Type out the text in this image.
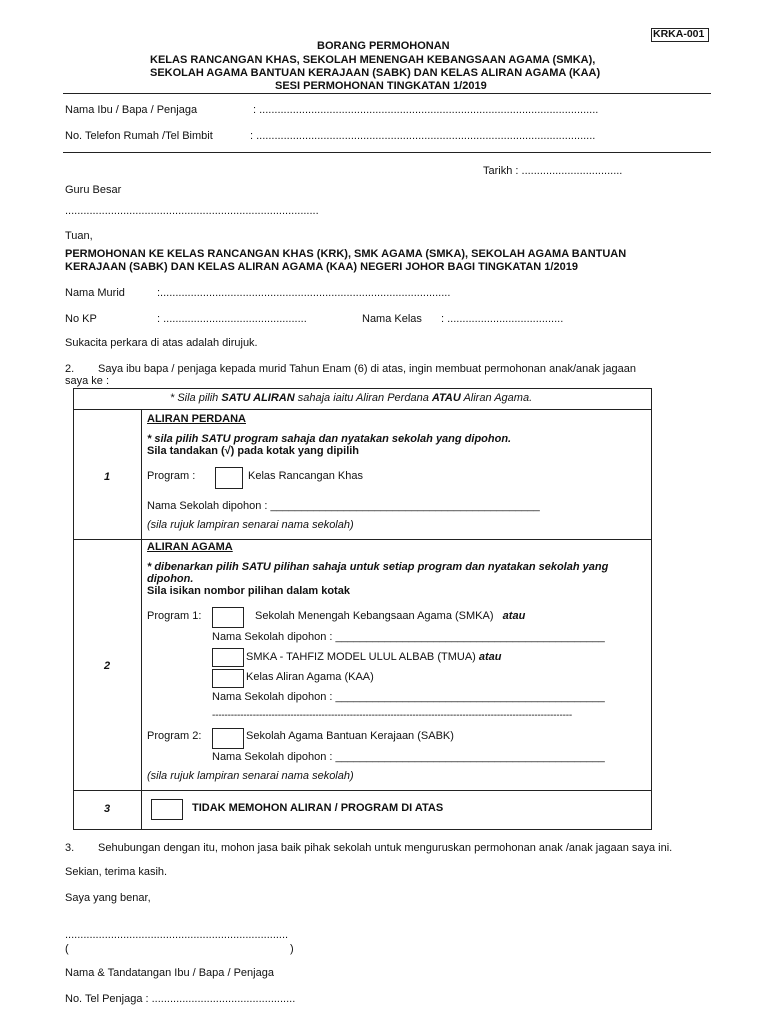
KRKA-001
BORANG PERMOHONAN
KELAS RANCANGAN KHAS, SEKOLAH MENENGAH KEBANGSAAN AGAMA (SMKA),
SEKOLAH AGAMA BANTUAN KERAJAAN (SABK) DAN KELAS ALIRAN AGAMA (KAA)
SESI PERMOHONAN TINGKATAN 1/2019
Nama Ibu / Bapa / Penjaga	: ...............................................................................................................
No. Telefon Rumah /Tel Bimbit	: ...............................................................................................................
Tarikh : .................................
Guru Besar
...................................................................................
Tuan,
PERMOHONAN KE KELAS RANCANGAN KHAS (KRK), SMK AGAMA (SMKA), SEKOLAH AGAMA BANTUAN
KERAJAAN (SABK) DAN KELAS ALIRAN AGAMA (KAA) NEGERI JOHOR BAGI TINGKATAN 1/2019
Nama Murid	:...............................................................................................
No KP	: ...............................................	Nama Kelas : ......................................
Sukacita perkara di atas adalah dirujuk.
2. Saya ibu bapa / penjaga kepada murid Tahun Enam (6) di atas, ingin membuat permohonan anak/anak jagaan
saya ke :
* Sila pilih SATU ALIRAN sahaja iaitu Aliran Perdana ATAU Aliran Agama.
1
ALIRAN PERDANA
* sila pilih SATU program sahaja dan nyatakan sekolah yang dipohon.
Sila tandakan (√) pada kotak yang dipilih
Program :	Kelas Rancangan Khas
Nama Sekolah dipohon : ____________________________________________
(sila rujuk lampiran senarai nama sekolah)
2
ALIRAN AGAMA
* dibenarkan pilih SATU pilihan sahaja untuk setiap program dan nyatakan sekolah yang
dipohon.
Sila isikan nombor pilihan dalam kotak
Program 1:	Sekolah Menengah Kebangsaan Agama (SMKA) atau
Nama Sekolah dipohon : ____________________________________________
SMKA - TAHFIZ MODEL ULUL ALBAB (TMUA) atau
Kelas Aliran Agama (KAA)
Nama Sekolah dipohon : ____________________________________________
-------------------------------------------------------------------------------------------------------------------
Program 2:	Sekolah Agama Bantuan Kerajaan (SABK)
Nama Sekolah dipohon : ____________________________________________
(sila rujuk lampiran senarai nama sekolah)
3	TIDAK MEMOHON ALIRAN / PROGRAM DI ATAS
3. Sehubungan dengan itu, mohon jasa baik pihak sekolah untuk menguruskan permohonan anak /anak jagaan saya ini.
Sekian, terima kasih.
Saya yang benar,
.........................................................................
(	)
Nama & Tandatangan Ibu / Bapa / Penjaga
No. Tel Penjaga : ...............................................
